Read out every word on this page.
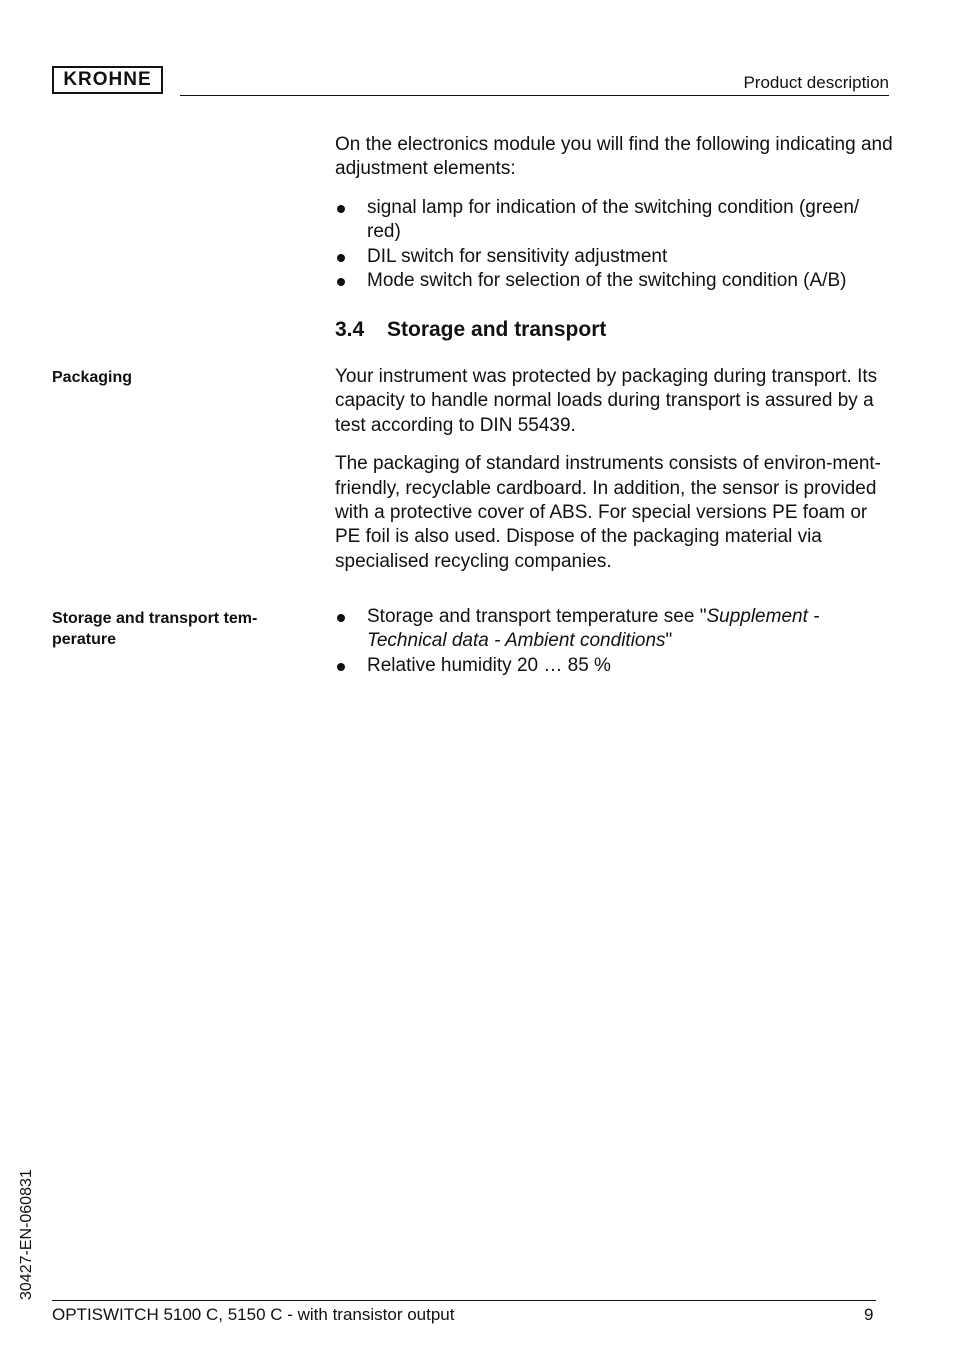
KROHNE	Product description

On the electronics module you will find the following indicating and adjustment elements:

signal lamp for indication of the switching condition (green/ red)
DIL switch for sensitivity adjustment
Mode switch for selection of the switching condition (A/B)
3.4 Storage and transport
Packaging	Your instrument was protected by packaging during transport. Its capacity to handle normal loads during transport is assured by a test according to DIN 55439.

The packaging of standard instruments consists of environ-ment-friendly, recyclable cardboard. In addition, the sensor is provided with a protective cover of ABS. For special versions PE foam or PE foil is also used. Dispose of the packaging material via specialised recycling companies.

Storage and transport tem-perature
Storage and transport temperature see "Supplement - Technical data - Ambient conditions"
Relative humidity 20 … 85 %
30427-EN-060831
OPTISWITCH 5100 C, 5150 C - with transistor output	9
